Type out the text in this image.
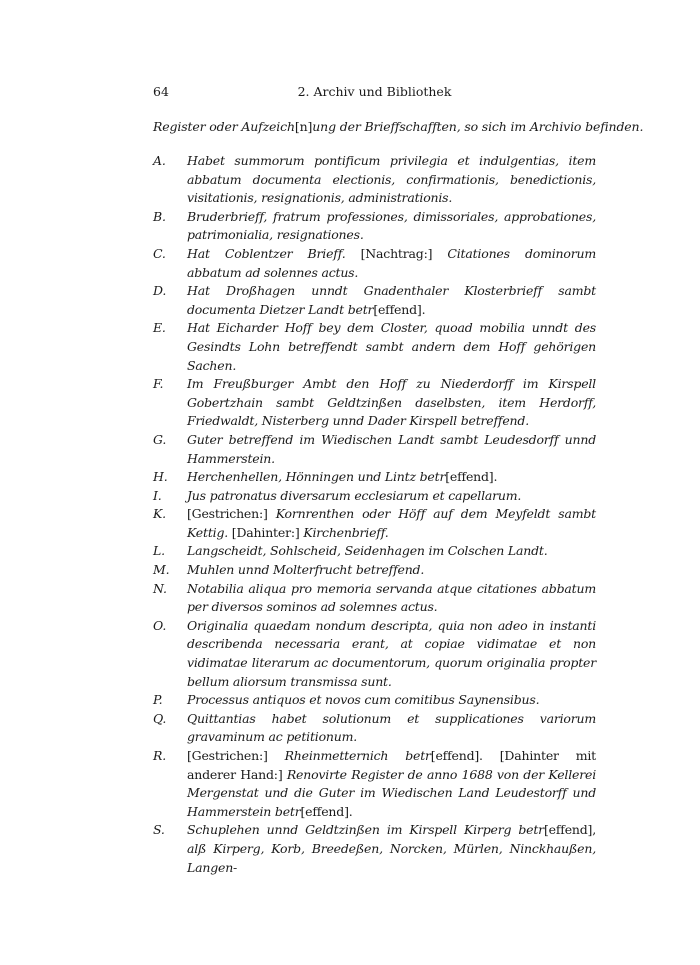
64	2. Archiv und Bibliothek
Register oder Aufzeich[n]ung der Brieffschafften, so sich im Archivio befinden.
A. Habet summorum pontificum privilegia et indulgentias, item abbatum documenta electionis, confirmationis, benedictionis, visitationis, resignationis, administrationis.
B. Bruderbrieff, fratrum professiones, dimissoriales, approbationes, patrimonialia, resignationes.
C. Hat Coblentzer Brieff. [Nachtrag:] Citationes dominorum abbatum ad solennes actus.
D. Hat Droßhagen unndt Gnadenthaler Klosterbrieff sambt documenta Dietzer Landt betr[effend].
E. Hat Eicharder Hoff bey dem Closter, quoad mobilia unndt des Gesindts Lohn betreffendt sambt andern dem Hoff gehörigen Sachen.
F. Im Freußburger Ambt den Hoff zu Niederdorff im Kirspell Gobertzhain sambt Geldtzinßen daselbsten, item Herdorff, Friedwaldt, Nisterberg unnd Dader Kirspell betreffend.
G. Guter betreffend im Wiedischen Landt sambt Leudesdorff unnd Hammerstein.
H. Herchenhellen, Hönningen und Lintz betr[effend].
I. Jus patronatus diversarum ecclesiarum et capellarum.
K. [Gestrichen:] Kornrenthen oder Höff auf dem Meyfeldt sambt Kettig. [Dahinter:] Kirchenbrieff.
L. Langscheidt, Sohlscheid, Seidenhagen im Colschen Landt.
M. Muhlen unnd Molterfrucht betreffend.
N. Notabilia aliqua pro memoria servanda atque citationes abbatum per diversos sominos ad solemnes actus.
O. Originalia quaedam nondum descripta, quia non adeo in instanti describenda necessaria erant, at copiae vidimatae et non vidimatae literarum ac documentorum, quorum originalia propter bellum aliorsum transmissa sunt.
P. Processus antiquos et novos cum comitibus Saynensibus.
Q. Quittantias habet solutionum et supplicationes variorum gravaminum ac petitionum.
R. [Gestrichen:] Rheinmetternich betr[effend]. [Dahinter mit anderer Hand:] Renovirte Register de anno 1688 von der Kellerei Mergenstat und die Guter im Wiedischen Land Leudestorff und Hammerstein betr[effend].
S. Schuplehen unnd Geldtzinßen im Kirspell Kirperg betr[effend], alß Kirperg, Korb, Breedeßen, Norcken, Mürlen, Ninckhaußen, Langen-
